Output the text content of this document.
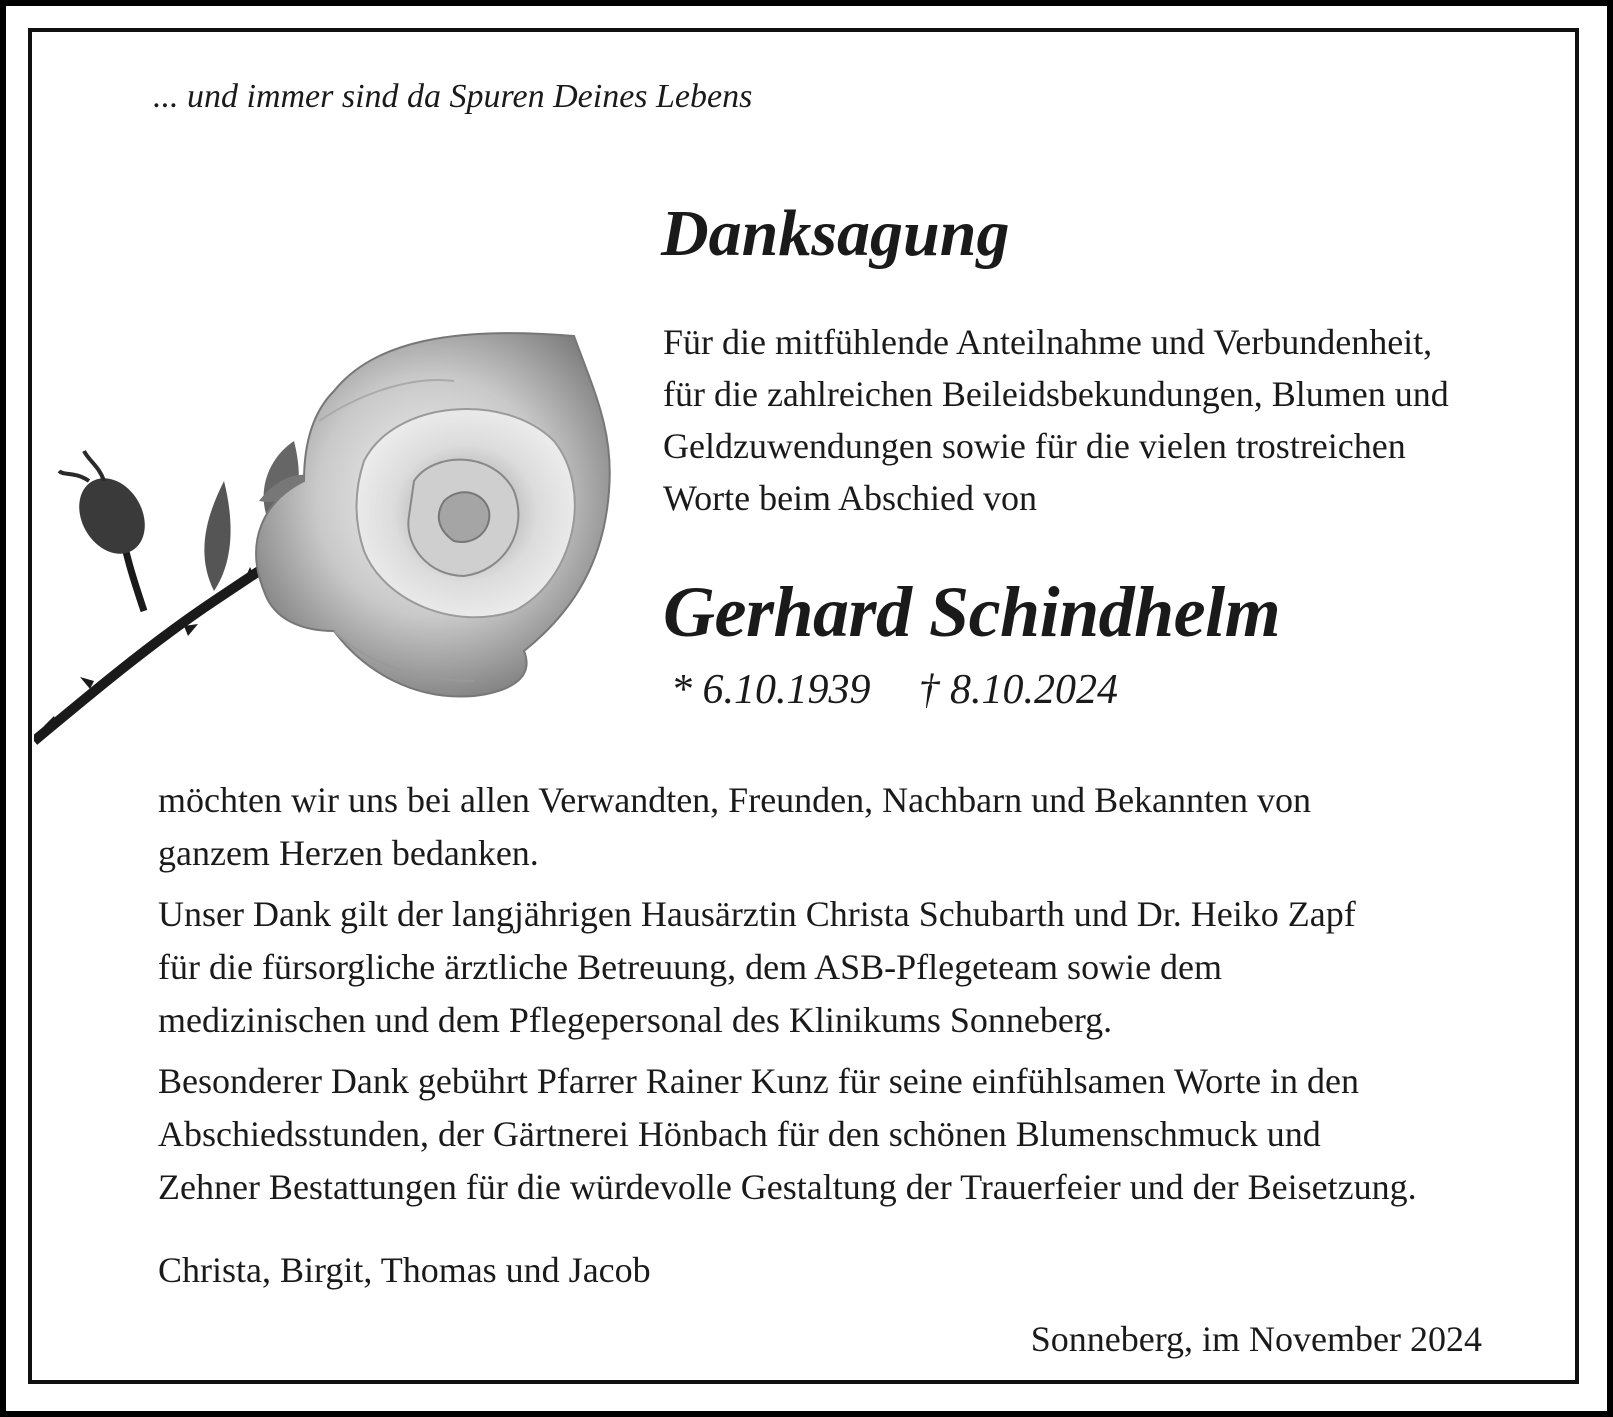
... und immer sind da Spuren Deines Lebens
Danksagung
Für die mitfühlende Anteilnahme und Verbundenheit,
für die zahlreichen Beileidsbekundungen, Blumen und
Geldzuwendungen sowie für die vielen trostreichen
Worte beim Abschied von
Gerhard Schindhelm
* 6.10.1939 † 8.10.2024
möchten wir uns bei allen Verwandten, Freunden, Nachbarn und Bekannten von
ganzem Herzen bedanken.
Unser Dank gilt der langjährigen Hausärztin Christa Schubarth und Dr. Heiko Zapf
für die fürsorgliche ärztliche Betreuung, dem ASB-Pflegeteam sowie dem
medizinischen und dem Pflegepersonal des Klinikums Sonneberg.
Besonderer Dank gebührt Pfarrer Rainer Kunz für seine einfühlsamen Worte in den
Abschiedsstunden, der Gärtnerei Hönbach für den schönen Blumenschmuck und
Zehner Bestattungen für die würdevolle Gestaltung der Trauerfeier und der Beisetzung.
Christa, Birgit, Thomas und Jacob
Sonneberg, im November 2024
